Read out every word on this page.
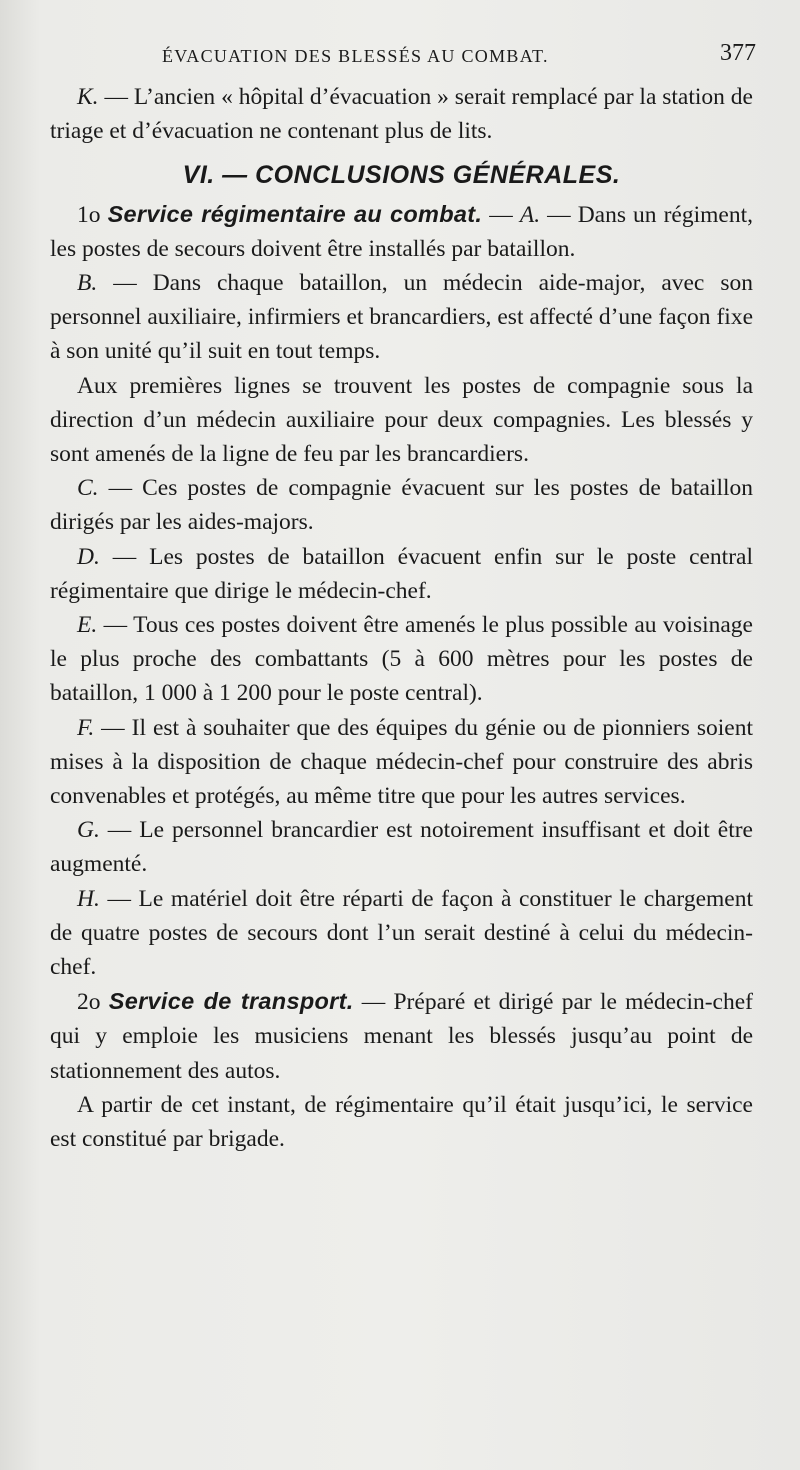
ÉVACUATION DES BLESSÉS AU COMBAT.	377

K. — L’ancien « hôpital d’évacuation » serait remplacé par la station de triage et d’évacuation ne contenant plus de lits.

VI. — CONCLUSIONS GÉNÉRALES.

1o Service régimentaire au combat. — A. — Dans un régiment, les postes de secours doivent être installés par bataillon.

B. — Dans chaque bataillon, un médecin aide-major, avec son personnel auxiliaire, infirmiers et brancardiers, est affecté d’une façon fixe à son unité qu’il suit en tout temps.

Aux premières lignes se trouvent les postes de compagnie sous la direction d’un médecin auxiliaire pour deux compagnies. Les blessés y sont amenés de la ligne de feu par les brancardiers.

C. — Ces postes de compagnie évacuent sur les postes de bataillon dirigés par les aides-majors.

D. — Les postes de bataillon évacuent enfin sur le poste central régimentaire que dirige le médecin-chef.

E. — Tous ces postes doivent être amenés le plus possible au voisinage le plus proche des combattants (5 à 600 mètres pour les postes de bataillon, 1 000 à 1 200 pour le poste central).

F. — Il est à souhaiter que des équipes du génie ou de pionniers soient mises à la disposition de chaque médecin-chef pour construire des abris convenables et protégés, au même titre que pour les autres services.

G. — Le personnel brancardier est notoirement insuffisant et doit être augmenté.

H. — Le matériel doit être réparti de façon à constituer le chargement de quatre postes de secours dont l’un serait destiné à celui du médecin-chef.

2o Service de transport. — Préparé et dirigé par le médecin-chef qui y emploie les musiciens menant les blessés jusqu’au point de stationnement des autos.

A partir de cet instant, de régimentaire qu’il était jusqu’ici, le service est constitué par brigade.
